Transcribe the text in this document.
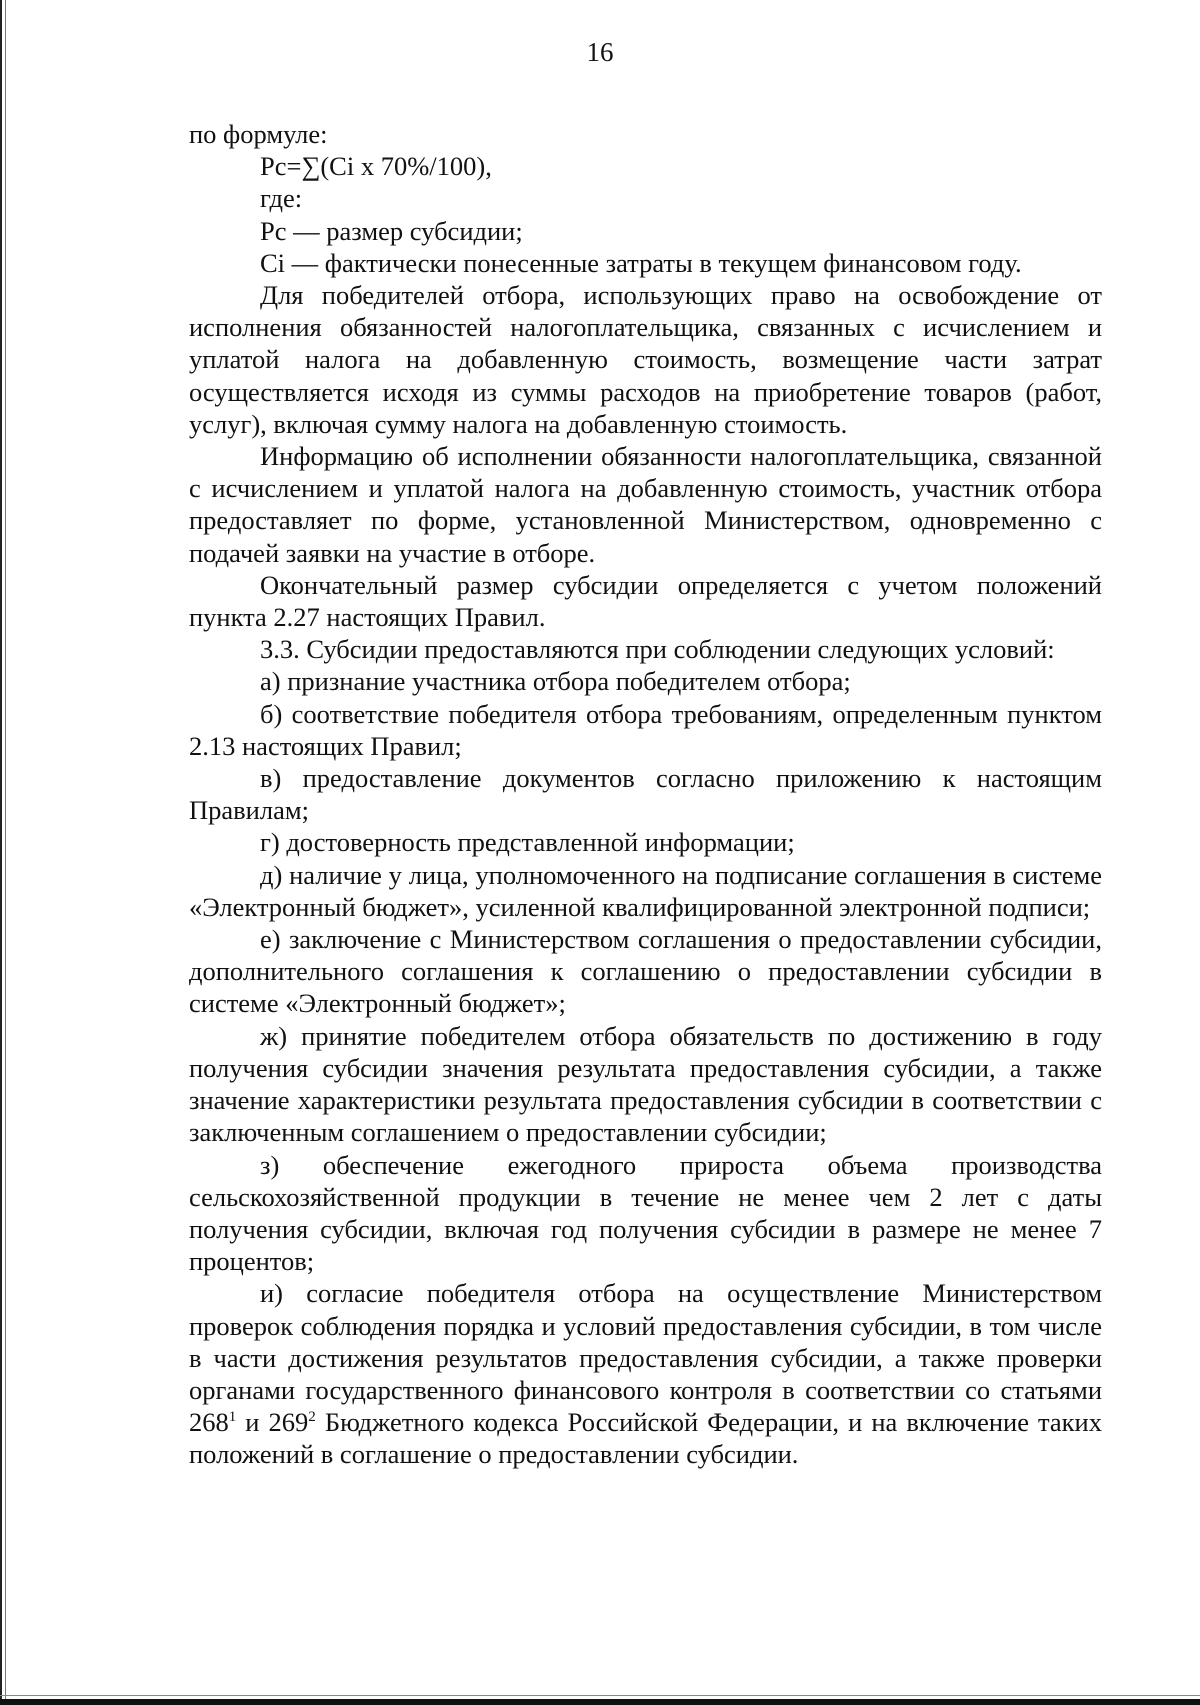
16

по формуле:

Рс=∑(Ci х 70%/100),

где:

Рс — размер субсидии;

Ci — фактически понесенные затраты в текущем финансовом году.

Для победителей отбора, использующих право на освобождение от исполнения обязанностей налогоплательщика, связанных с исчислением и уплатой налога на добавленную стоимость, возмещение части затрат осуществляется исходя из суммы расходов на приобретение товаров (работ, услуг), включая сумму налога на добавленную стоимость.

Информацию об исполнении обязанности налогоплательщика, связанной с исчислением и уплатой налога на добавленную стоимость, участник отбора предоставляет по форме, установленной Министерством, одновременно с подачей заявки на участие в отборе.

Окончательный размер субсидии определяется с учетом положений пункта 2.27 настоящих Правил.

3.3. Субсидии предоставляются при соблюдении следующих условий:

а) признание участника отбора победителем отбора;

б) соответствие победителя отбора требованиям, определенным пунктом 2.13 настоящих Правил;

в) предоставление документов согласно приложению к настоящим Правилам;

г) достоверность представленной информации;

д) наличие у лица, уполномоченного на подписание соглашения в системе «Электронный бюджет», усиленной квалифицированной электронной подписи;

е) заключение с Министерством соглашения о предоставлении субсидии, дополнительного соглашения к соглашению о предоставлении субсидии в системе «Электронный бюджет»;

ж) принятие победителем отбора обязательств по достижению в году получения субсидии значения результата предоставления субсидии, а также значение характеристики результата предоставления субсидии в соответствии с заключенным соглашением о предоставлении субсидии;

з) обеспечение ежегодного прироста объема производства сельскохозяйственной продукции в течение не менее чем 2 лет с даты получения субсидии, включая год получения субсидии в размере не менее 7 процентов;

и) согласие победителя отбора на осуществление Министерством проверок соблюдения порядка и условий предоставления субсидии, в том числе в части достижения результатов предоставления субсидии, а также проверки органами государственного финансового контроля в соответствии со статьями $268^1$ и $269^2$ Бюджетного кодекса Российской Федерации, и на включение таких положений в соглашение о предоставлении субсидии.
